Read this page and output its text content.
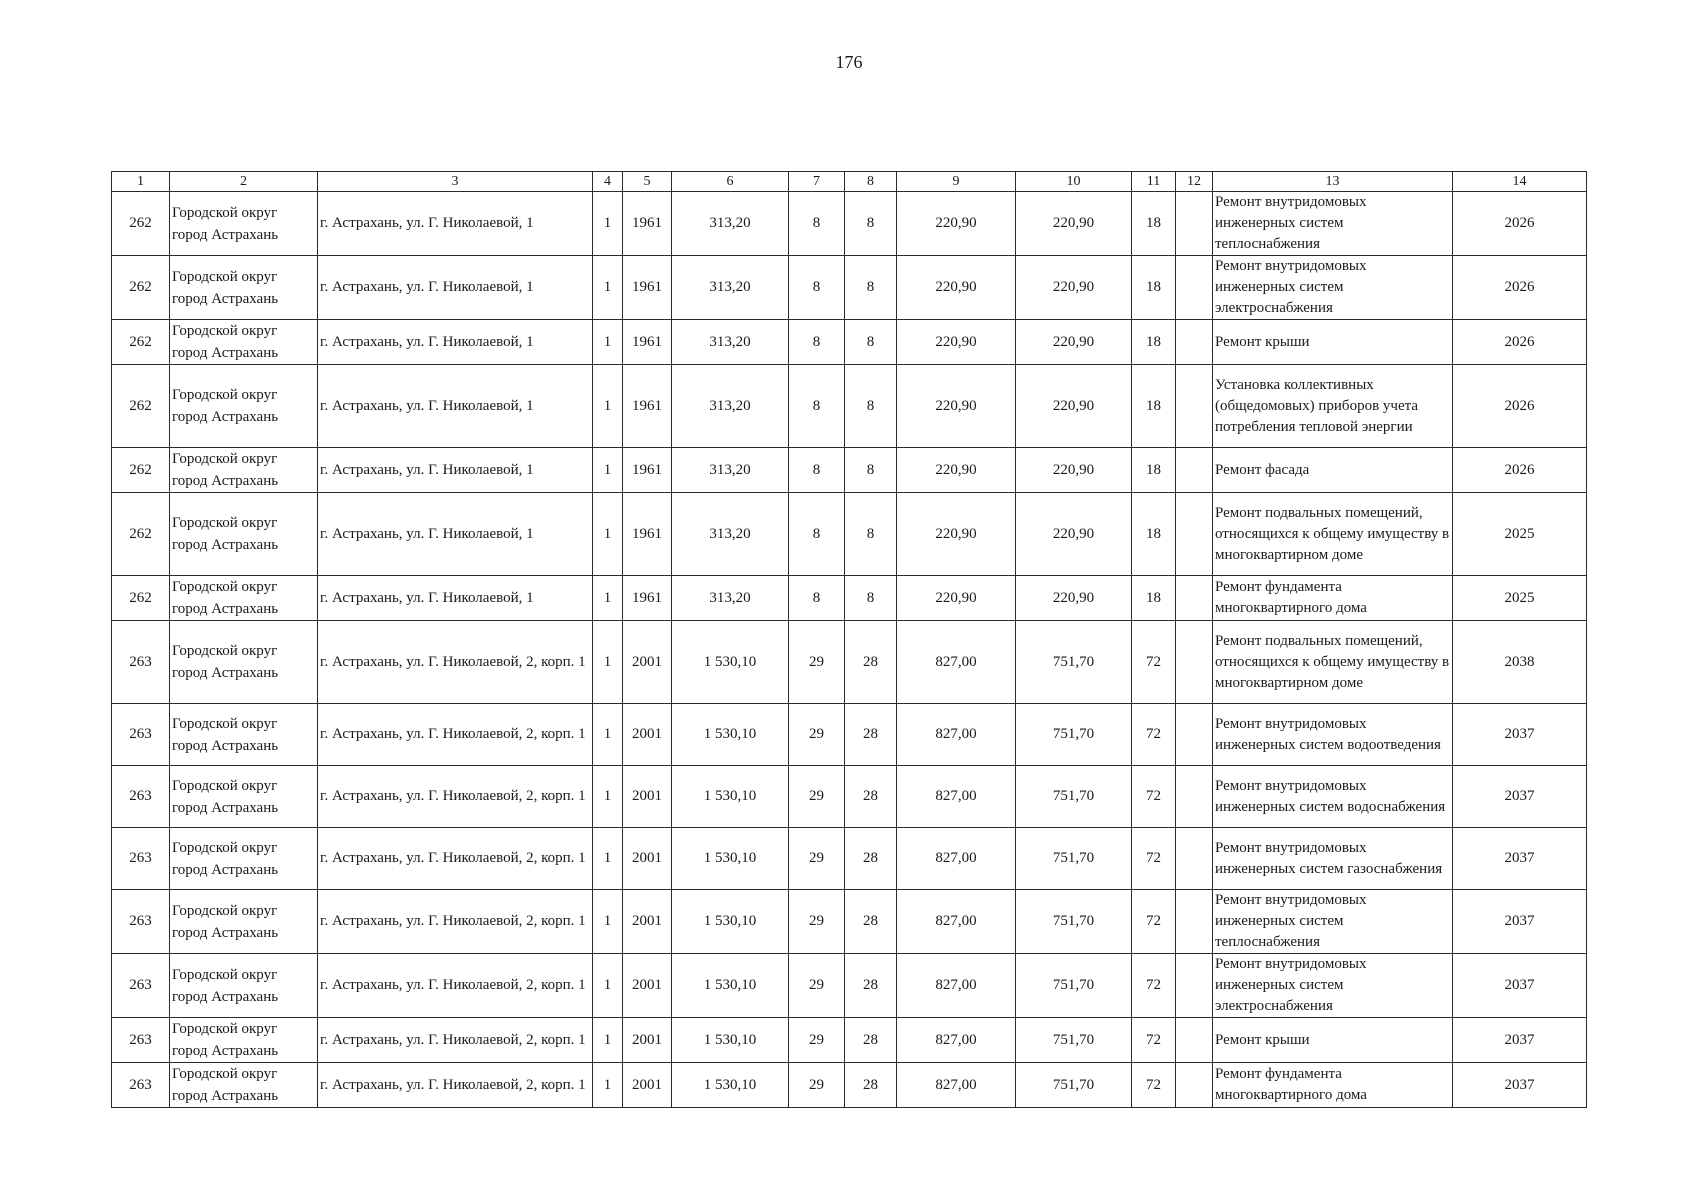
176
1	2	3	4	5	6	7	8	9	10	11	12	13	14
262	Городской округ город Астрахань	г. Астрахань, ул. Г. Николаевой, 1	1	1961	313,20	8	8	220,90	220,90	18		Ремонт внутридомовых инженерных систем теплоснабжения	2026
262	Городской округ город Астрахань	г. Астрахань, ул. Г. Николаевой, 1	1	1961	313,20	8	8	220,90	220,90	18		Ремонт внутридомовых инженерных систем электроснабжения	2026
262	Городской округ город Астрахань	г. Астрахань, ул. Г. Николаевой, 1	1	1961	313,20	8	8	220,90	220,90	18		Ремонт крыши	2026
262	Городской округ город Астрахань	г. Астрахань, ул. Г. Николаевой, 1	1	1961	313,20	8	8	220,90	220,90	18		Установка коллективных (общедомовых) приборов учета потребления тепловой энергии	2026
262	Городской округ город Астрахань	г. Астрахань, ул. Г. Николаевой, 1	1	1961	313,20	8	8	220,90	220,90	18		Ремонт фасада	2026
262	Городской округ город Астрахань	г. Астрахань, ул. Г. Николаевой, 1	1	1961	313,20	8	8	220,90	220,90	18		Ремонт подвальных помещений, относящихся к общему имуществу в многоквартирном доме	2025
262	Городской округ город Астрахань	г. Астрахань, ул. Г. Николаевой, 1	1	1961	313,20	8	8	220,90	220,90	18		Ремонт фундамента многоквартирного дома	2025
263	Городской округ город Астрахань	г. Астрахань, ул. Г. Николаевой, 2, корп. 1	1	2001	1 530,10	29	28	827,00	751,70	72		Ремонт подвальных помещений, относящихся к общему имуществу в многоквартирном доме	2038
263	Городской округ город Астрахань	г. Астрахань, ул. Г. Николаевой, 2, корп. 1	1	2001	1 530,10	29	28	827,00	751,70	72		Ремонт внутридомовых инженерных систем водоотведения	2037
263	Городской округ город Астрахань	г. Астрахань, ул. Г. Николаевой, 2, корп. 1	1	2001	1 530,10	29	28	827,00	751,70	72		Ремонт внутридомовых инженерных систем водоснабжения	2037
263	Городской округ город Астрахань	г. Астрахань, ул. Г. Николаевой, 2, корп. 1	1	2001	1 530,10	29	28	827,00	751,70	72		Ремонт внутридомовых инженерных систем газоснабжения	2037
263	Городской округ город Астрахань	г. Астрахань, ул. Г. Николаевой, 2, корп. 1	1	2001	1 530,10	29	28	827,00	751,70	72		Ремонт внутридомовых инженерных систем теплоснабжения	2037
263	Городской округ город Астрахань	г. Астрахань, ул. Г. Николаевой, 2, корп. 1	1	2001	1 530,10	29	28	827,00	751,70	72		Ремонт внутридомовых инженерных систем электроснабжения	2037
263	Городской округ город Астрахань	г. Астрахань, ул. Г. Николаевой, 2, корп. 1	1	2001	1 530,10	29	28	827,00	751,70	72		Ремонт крыши	2037
263	Городской округ город Астрахань	г. Астрахань, ул. Г. Николаевой, 2, корп. 1	1	2001	1 530,10	29	28	827,00	751,70	72		Ремонт фундамента многоквартирного дома	2037
